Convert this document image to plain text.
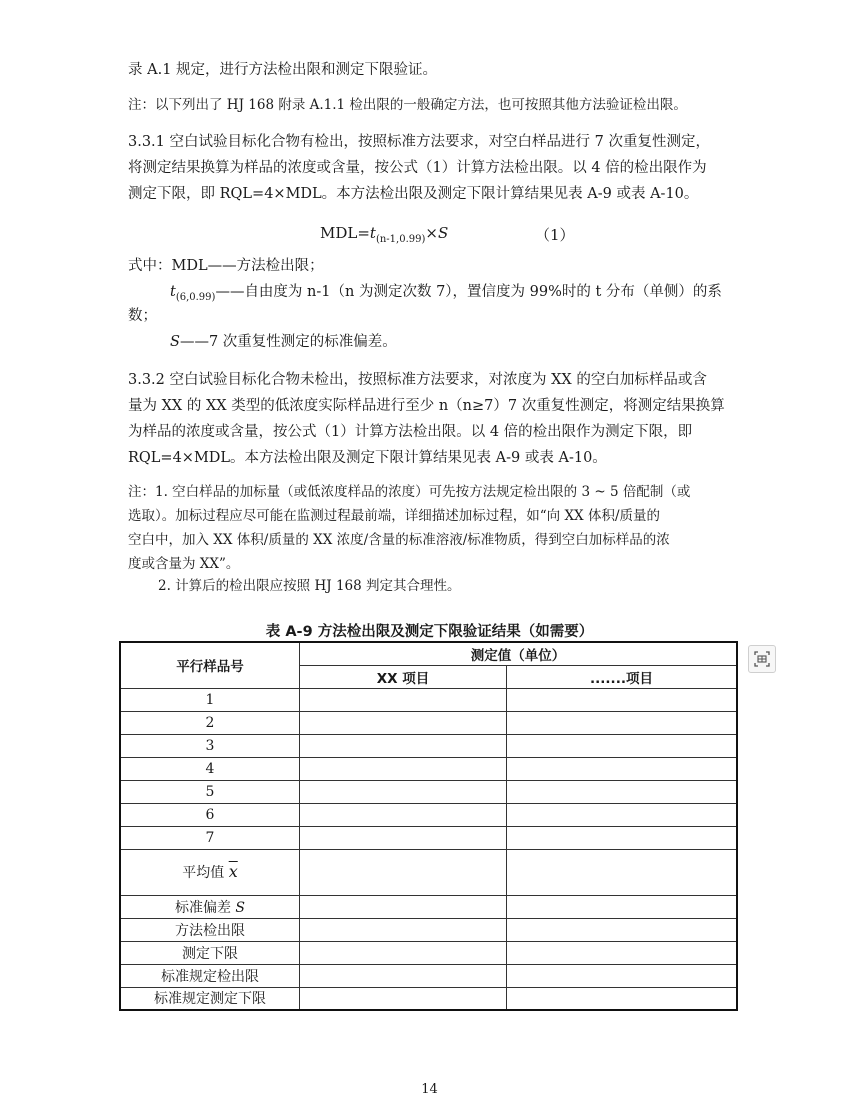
录 A.1 规定，进行方法检出限和测定下限验证。
注：以下列出了 HJ 168 附录 A.1.1 检出限的一般确定方法，也可按照其他方法验证检出限。
3.3.1 空白试验目标化合物有检出，按照标准方法要求，对空白样品进行 7 次重复性测定，
将测定结果换算为样品的浓度或含量，按公式（1）计算方法检出限。以 4 倍的检出限作为
测定下限，即 RQL=4×MDL。本方法检出限及测定下限计算结果见表 A-9 或表 A-10。
$MDL=t_{(n-1,0.99)}\times S$	（1）
式中：MDL——方法检出限；
$t_{(6,0.99)}——$自由度为 n-1（n 为测定次数 7），置信度为 99%时的 t 分布（单侧）的系
数；
S——7 次重复性测定的标准偏差。
3.3.2 空白试验目标化合物未检出，按照标准方法要求，对浓度为 XX 的空白加标样品或含
量为 XX 的 XX 类型的低浓度实际样品进行至少 n（n≥7）7 次重复性测定，将测定结果换算
为样品的浓度或含量，按公式（1）计算方法检出限。以 4 倍的检出限作为测定下限，即
RQL=4×MDL。本方法检出限及测定下限计算结果见表 A-9 或表 A-10。
注：1. 空白样品的加标量（或低浓度样品的浓度）可先按方法规定检出限的 3 ~ 5 倍配制（或
选取）。加标过程应尽可能在监测过程最前端，详细描述加标过程，如“向 XX 体积/质量的
空白中，加入 XX 体积/质量的 XX 浓度/含量的标准溶液/标准物质，得到空白加标样品的浓
度或含量为 XX”。
2. 计算后的检出限应按照 HJ 168 判定其合理性。
表 A-9 方法检出限及测定下限验证结果（如需要）
平行样品号	测定值（单位）	
	XX 项目	.......项目
1		
2		
3		
4		
5		
6		
7		
平均值 $\overline{x}$		
标准偏差 S		
方法检出限		
测定下限		
标准规定检出限		
标准规定测定下限		
14
